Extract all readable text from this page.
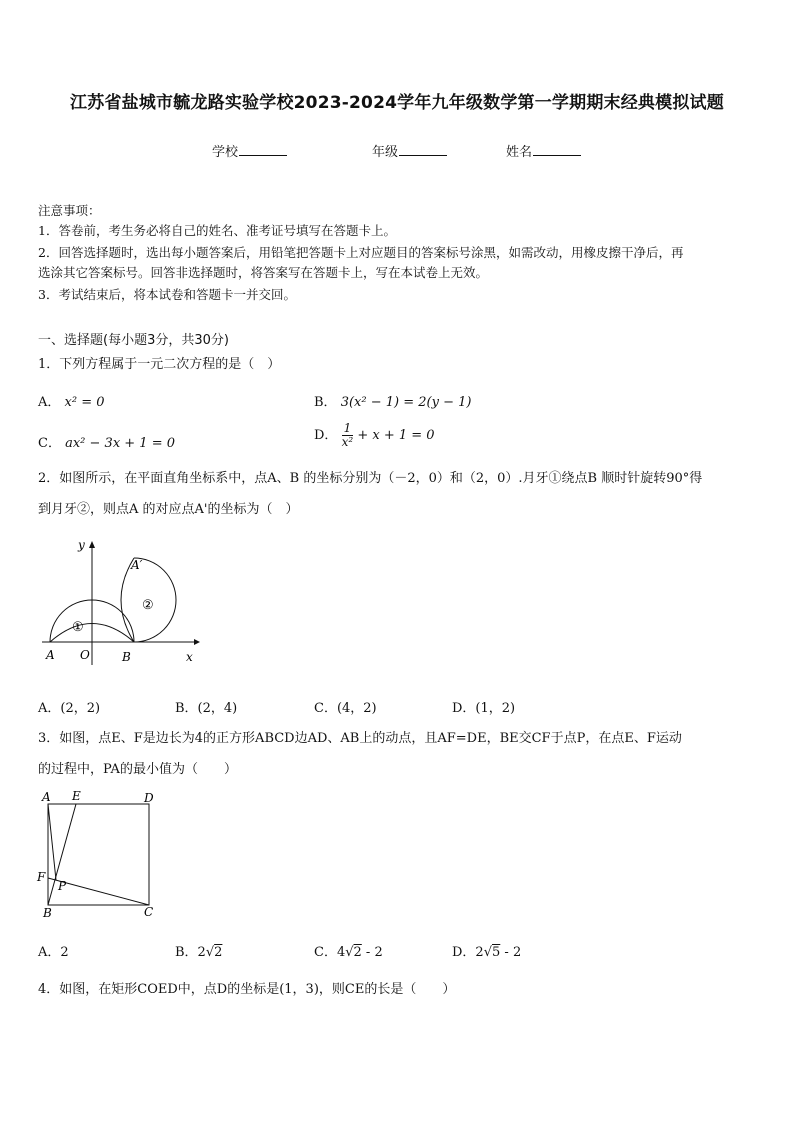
江苏省盐城市毓龙路实验学校2023-2024学年九年级数学第一学期期末经典模拟试题
学校	年级	姓名
注意事项：
1．答卷前，考生务必将自己的姓名、准考证号填写在答题卡上。
2．回答选择题时，选出每小题答案后，用铅笔把答题卡上对应题目的答案标号涂黑，如需改动，用橡皮擦干净后，再
选涂其它答案标号。回答非选择题时，将答案写在答题卡上，写在本试卷上无效。
3．考试结束后，将本试卷和答题卡一并交回。
一、选择题(每小题3分，共30分)
1．下列方程属于一元二次方程的是（　）
A． x² = 0	B． 3(x² − 1) = 2(y − 1)
C． ax² − 3x + 1 = 0
D． $\frac{1}{\text{x²}} + x + 1 = 0$
2．如图所示，在平面直角坐标系中，点A、B 的坐标分别为（－2，0）和（2，0）.月牙①绕点B 顺时针旋转90°得
到月牙②，则点A 的对应点A'的坐标为（　）
y
x
A O	B
A′
①
②
A．(2，2)	B．(2，4)	C．(4，2)	D．(1，2)
3．如图，点E、F是边长为4的正方形ABCD边AD、AB上的动点，且AF=DE，BE交CF于点P，在点E、F运动
的过程中，PA的最小值为（　　）
A E	D
F
P
B	C
A．2	B．2√2	C．4√2 - 2	D．2√5 - 2
4．如图，在矩形COED中，点D的坐标是(1，3)，则CE的长是（　　）
